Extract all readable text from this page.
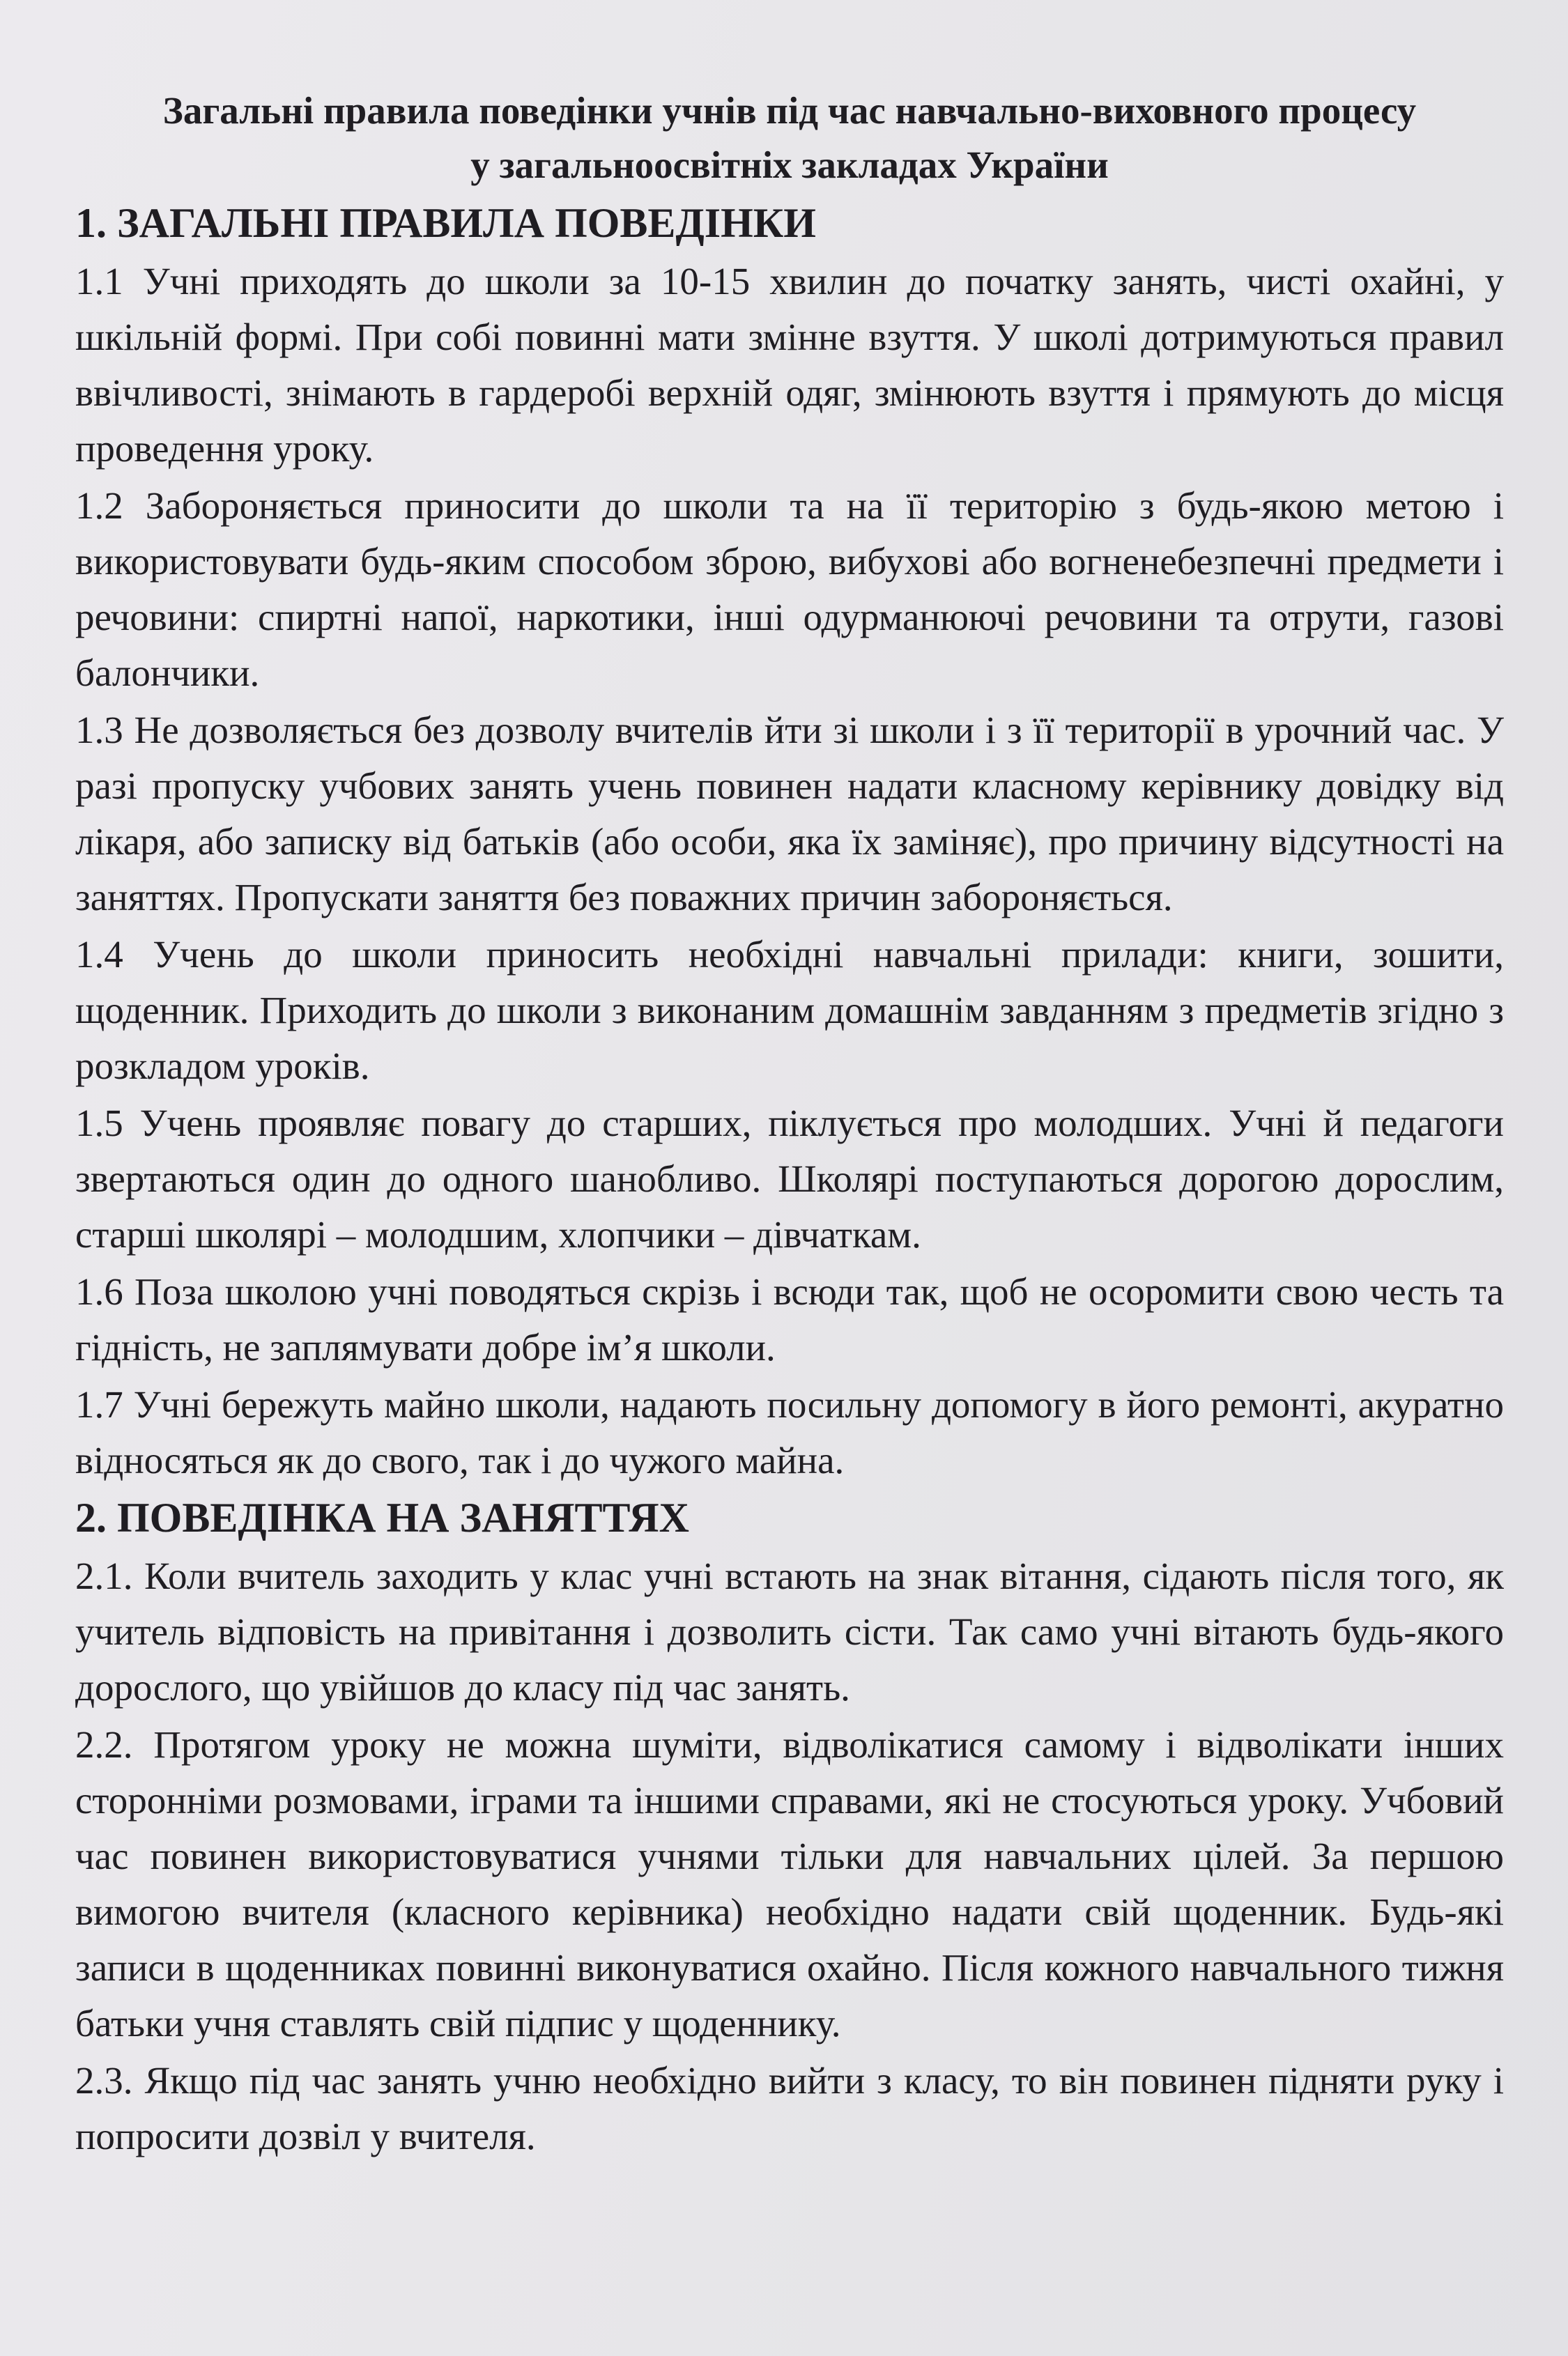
Загальні правила поведінки учнів під час навчально-виховного процесу
у загальноосвітніх закладах України
1. ЗАГАЛЬНІ ПРАВИЛА ПОВЕДІНКИ

1.1 Учні приходять до школи за 10-15 хвилин до початку занять, чисті охайні, у шкільній формі. При собі повинні мати змінне взуття. У школі дотримуються правил ввічливості, знімають в гардеробі верхній одяг, змінюють взуття і прямують до місця проведення уроку.

1.2 Забороняється приносити до школи та на її територію з будь-якою метою і використовувати будь-яким способом зброю, вибухові або вогненебезпечні предмети і речовини: спиртні напої, наркотики, інші одурманюючі речовини та отрути, газові балончики.

1.3 Не дозволяється без дозволу вчителів йти зі школи і з її території в урочний час. У разі пропуску учбових занять учень повинен надати класному керівнику довідку від лікаря, або записку від батьків (або особи, яка їх заміняє), про причину відсутності на заняттях. Пропускати заняття без поважних причин забороняється.

1.4 Учень до школи приносить необхідні навчальні прилади: книги, зошити, щоденник. Приходить до школи з виконаним домашнім завданням з предметів згідно з розкладом уроків.

1.5 Учень проявляє повагу до старших, піклується про молодших. Учні й педагоги звертаються один до одного шанобливо. Школярі поступаються дорогою дорослим, старші школярі – молодшим, хлопчики – дівчаткам.

1.6 Поза школою учні поводяться скрізь і всюди так, щоб не осоромити свою честь та гідність, не заплямувати добре ім’я школи.

1.7 Учні бережуть майно школи, надають посильну допомогу в його ремонті, акуратно відносяться як до свого, так і до чужого майна.

2. ПОВЕДІНКА НА ЗАНЯТТЯХ

2.1. Коли вчитель заходить у клас учні встають на знак вітання, сідають після того, як учитель відповість на привітання і дозволить сісти. Так само учні вітають будь-якого дорослого, що увійшов до класу під час занять.

2.2. Протягом уроку не можна шуміти, відволікатися самому і відволікати інших сторонніми розмовами, іграми та іншими справами, які не стосуються уроку. Учбовий час повинен використовуватися учнями тільки для навчальних цілей. За першою вимогою вчителя (класного керівника) необхідно надати свій щоденник. Будь-які записи в щоденниках повинні виконуватися охайно. Після кожного навчального тижня батьки учня ставлять свій підпис у щоденнику.

2.3. Якщо під час занять учню необхідно вийти з класу, то він повинен підняти руку і попросити дозвіл у вчителя.
